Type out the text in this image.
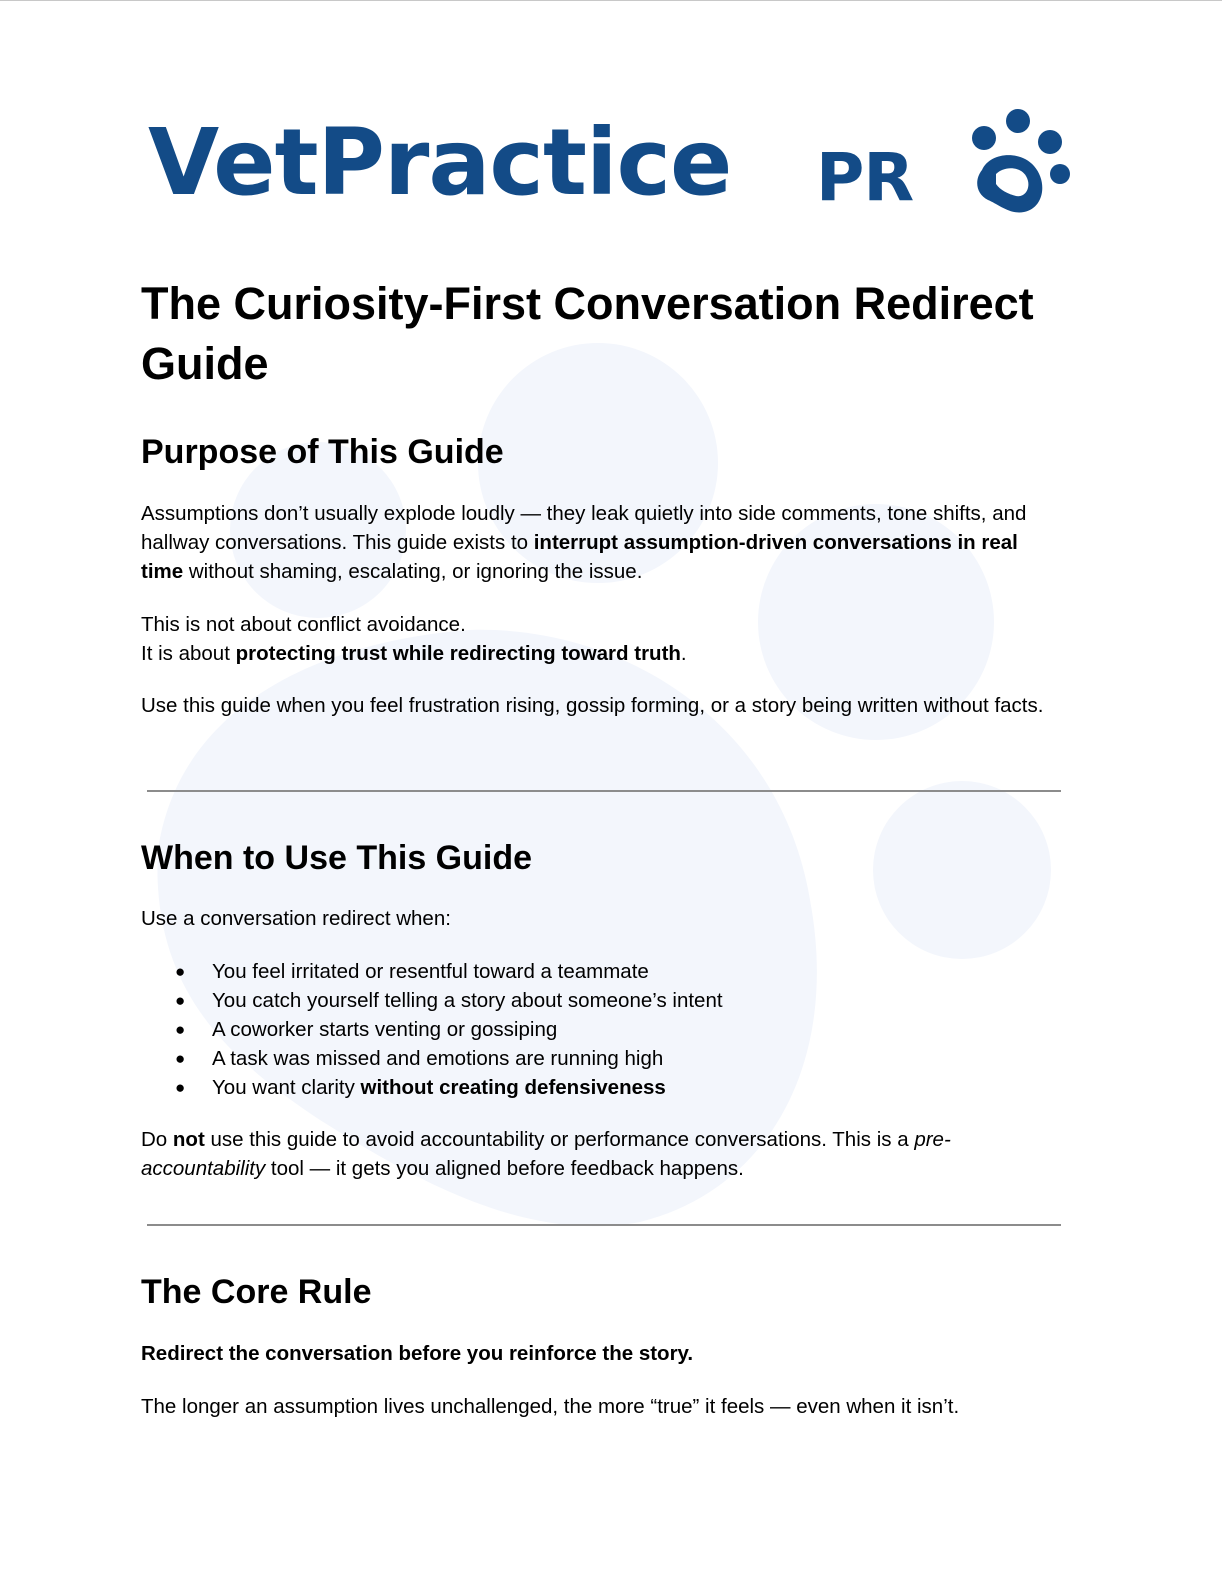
VetPractice PR
The Curiosity-First Conversation Redirect Guide
Purpose of This Guide

Assumptions don’t usually explode loudly — they leak quietly into side comments, tone shifts, and hallway conversations. This guide exists to interrupt assumption-driven conversations in real time without shaming, escalating, or ignoring the issue.

This is not about conflict avoidance.
It is about protecting trust while redirecting toward truth.

Use this guide when you feel frustration rising, gossip forming, or a story being written without facts.

When to Use This Guide

Use a conversation redirect when:

● You feel irritated or resentful toward a teammate
● You catch yourself telling a story about someone’s intent
● A coworker starts venting or gossiping
● A task was missed and emotions are running high
● You want clarity without creating defensiveness

Do not use this guide to avoid accountability or performance conversations. This is a pre-accountability tool — it gets you aligned before feedback happens.

The Core Rule

Redirect the conversation before you reinforce the story.

The longer an assumption lives unchallenged, the more “true” it feels — even when it isn’t.
